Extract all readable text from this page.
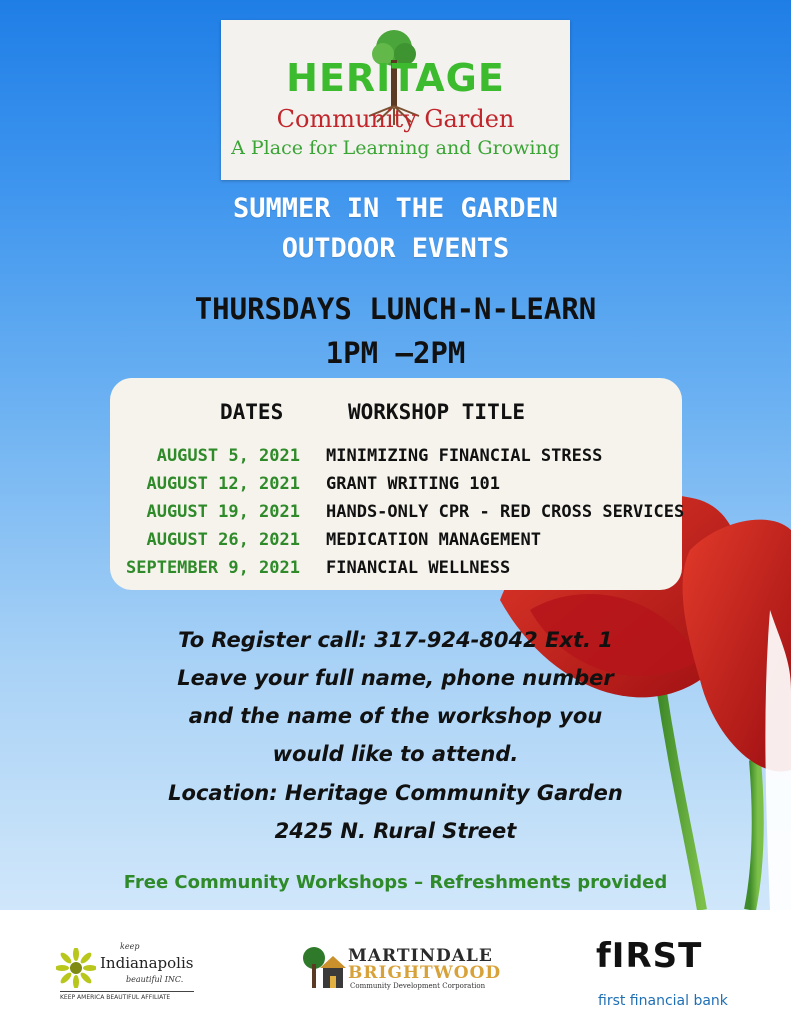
HERITAGE
Community Garden
A Place for Learning and Growing
SUMMER IN THE GARDEN
OUTDOOR EVENTS
THURSDAYS LUNCH-N-LEARN
1PM —2PM
DATES	WORKSHOP TITLE
AUGUST 5, 2021 MINIMIZING FINANCIAL STRESS
AUGUST 12, 2021 GRANT WRITING 101
AUGUST 19, 2021 HANDS-ONLY CPR - RED CROSS SERVICES
AUGUST 26, 2021 MEDICATION MANAGEMENT
SEPTEMBER 9, 2021 FINANCIAL WELLNESS
To Register call: 317-924-8042 Ext. 1
Leave your full name, phone number
and the name of the workshop you
would like to attend.
Location: Heritage Community Garden
2425 N. Rural Street
Free Community Workshops – Refreshments provided
keep
Indianapolis
beautiful INC.
KEEP AMERICA BEAUTIFUL AFFILIATE
MARTINDALE
BRIGHTWOOD
Community Development Corporation
fIRST
first financial bank
